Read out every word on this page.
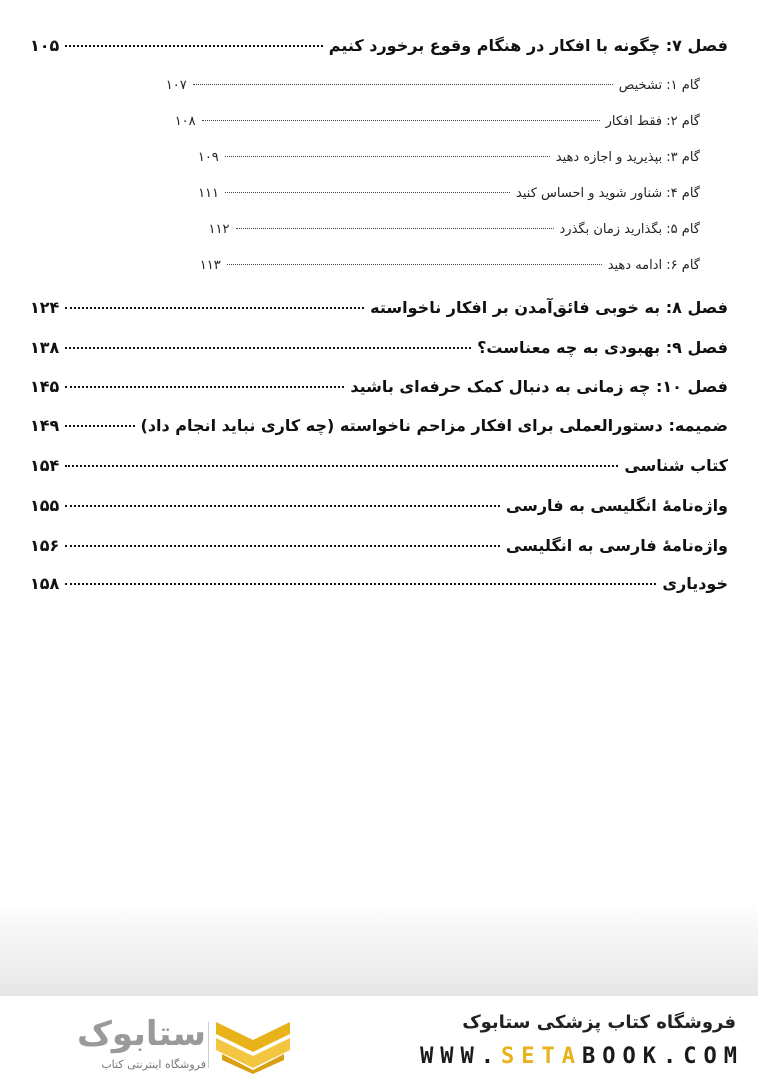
فصل ۷: چگونه با افکار در هنگام وقوع برخورد کنیم
۱۰۵
گام ۱: تشخیص
۱۰۷
گام ۲: فقط افکار
۱۰۸
گام ۳: بپذیرید و اجازه دهید
۱۰۹
گام ۴: شناور شوید و احساس کنید
۱۱۱
گام ۵: بگذارید زمان بگذرد
۱۱۲
گام ۶: ادامه دهید
۱۱۳
فصل ۸: به خوبی فائق‌آمدن بر افکار ناخواسته
۱۲۴
فصل ۹: بهبودی به چه معناست؟
۱۳۸
فصل ۱۰: چه زمانی به دنبال کمک حرفه‌ای باشید
۱۴۵
ضمیمه: دستورالعملی برای افکار مزاحم ناخواسته (چه کاری نباید انجام داد)
۱۴۹
کتاب شناسی
۱۵۴
واژه‌نامهٔ انگلیسی به فارسی
۱۵۵
واژه‌نامهٔ فارسی به انگلیسی
۱۵۶
خودیاری
۱۵۸
ستابوک
فروشگاه اینترنتی کتاب
فروشگاه کتاب پزشکی ستابوک
WWW.SETABOOK.COM
